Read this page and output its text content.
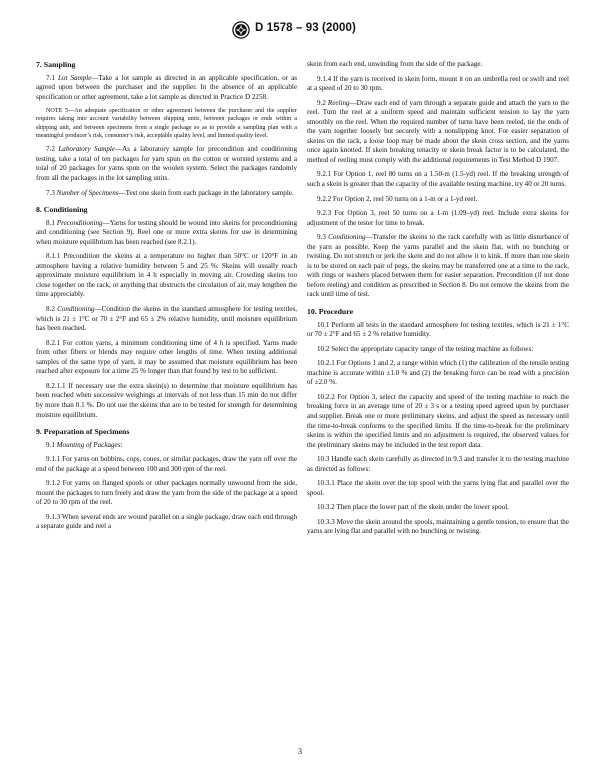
D 1578 – 93 (2000)
7. Sampling

7.1 Lot Sample—Take a lot sample as directed in an applicable specification, or as agreed upon between the purchaser and the supplier. In the absence of an applicable specification or other agreement, take a lot sample as directed in Practice D 2258.

NOTE 5—An adequate specification or other agreement between the purchaser and the supplier requires taking into account variability between shipping units, between packages or ends within a shipping unit, and between specimens from a single package so as to provide a sampling plan with a meaningful producer’s risk, consumer’s risk, acceptable quality level, and limited quality level.

7.2 Laboratory Sample—As a laboratory sample for precondition and conditioning testing, take a total of ten packages for yarn spun on the cotton or worsted systems and a total of 20 packages for yarns spun on the woolen system. Select the packages randomly from all the packages in the lot sampling units.

7.3 Number of Specimens—Test one skein from each package in the laboratory sample.

8. Conditioning

8.1 Preconditioning—Yarns for testing should be wound into skeins for preconditioning and conditioning (see Section 9). Reel one or more extra skeins for use in determining when moisture equilibrium has been reached (see 8.2.1).

8.1.1 Precondition the skeins at a temperature no higher than 50°C or 120°F in an atmosphere having a relative humidity between 5 and 25 %. Skeins will usually reach approximate moisture equilibrium in 4 h especially in moving air. Crowding skeins too close together on the rack, or anything that obstructs the circulation of air, may lengthen the time appreciably.

8.2 Conditioning—Condition the skeins in the standard atmosphere for testing textiles, which is 21 ± 1°C or 70 ± 2°F and 65 ± 2% relative humidity, until moisture equilibrium has been reached.

8.2.1 For cotton yarns, a minimum conditioning time of 4 h is specified. Yarns made from other fibers or blends may require other lengths of time. When testing additional samples of the same type of yarn, it may be assumed that moisture equilibrium has been reached after exposure for a time 25 % longer than that found by test to be sufficient.

8.2.1.1 If necessary use the extra skein(s) to determine that moisture equilibrium has been reached when successive weighings at intervals of not less than 15 min do not differ by more than 0.1 %. Do not use the skeins that are to be tested for strength for determining moisture equilibrium.

9. Preparation of Specimens

9.1 Mounting of Packages:

9.1.1 For yarns on bobbins, cops, cones, or similar packages, draw the yarn off over the end of the package at a speed between 100 and 300 rpm of the reel.

9.1.2 For yarns on flanged spools or other packages normally unwound from the side, mount the packages to turn freely and draw the yarn from the side of the package at a speed of 20 to 30 rpm of the reel.

9.1.3 When several ends are wound parallel on a single package, draw each end through a separate guide and reel a

skein from each end, unwinding from the side of the package.

9.1.4 If the yarn is received in skein form, mount it on an umbrella reel or swift and reel at a speed of 20 to 30 rpm.

9.2 Reeling—Draw each end of yarn through a separate guide and attach the yarn to the reel. Turn the reel at a uniform speed and maintain sufficient tension to lay the yarn smoothly on the reel. When the required number of turns have been reeled, tie the ends of the yarn together loosely but securely with a nonslipping knot. For easier separation of skeins on the rack, a loose loop may be made about the skein cross section, and the yarns once again knotted. If skein breaking tenacity or skein break factor is to be calculated, the method of reeling must comply with the additional requirements in Test Method D 1907.

9.2.1 For Option 1, reel 80 turns on a 1.50-m (1.5-yd) reel. If the breaking strength of such a skein is greater than the capacity of the available testing machine, try 40 or 20 turns.

9.2.2 For Option 2, reel 50 turns on a 1-m or a 1-yd reel.

9.2.3 For Option 3, reel 50 turns on a 1-m (1.09–yd) reel. Include extra skeins for adjustment of the tester for time to break.

9.3 Conditioning—Transfer the skeins to the rack carefully with as little disturbance of the yarn as possible. Keep the yarns parallel and the skein flat, with no bunching or twisting. Do not stretch or jerk the skein and do not allow it to kink. If more than one skein is to be stored on each pair of pegs, the skeins may be transferred one at a time to the rack, with rings or washers placed between them for easier separation. Precondition (if not done before reeling) and condition as prescribed in Section 8. Do not remove the skeins from the rack until time of test.

10. Procedure

10.1 Perform all tests in the standard atmosphere for testing textiles, which is 21 ± 1°C or 70 ± 2°F and 65 ± 2 % relative humidity.

10.2 Select the appropriate capacity range of the testing machine as follows:

10.2.1 For Options 1 and 2, a range within which (1) the calibration of the tensile testing machine is accurate within ±1.0 % and (2) the breaking force can be read with a precision of ±2.0 %.

10.2.2 For Option 3, select the capacity and speed of the testing machine to reach the breaking force in an average time of 20 ± 3 s or a testing speed agreed upon by purchaser and supplier. Break one or more preliminary skeins, and adjust the speed as necessary until the time-to-break conforms to the specified limits. If the time-to-break for the preliminary skeins is within the specified limits and no adjustment is required, the observed values for the preliminary skeins may be included in the test report data.

10.3 Handle each skein carefully as directed in 9.3 and transfer it to the testing machine as directed as follows:

10.3.1 Place the skein over the top spool with the yarns lying flat and parallel over the spool.

10.3.2 Then place the lower part of the skein under the lower spool.

10.3.3 Move the skein around the spools, maintaining a gentle tension, to ensure that the yarns are lying flat and parallel with no bunching or twisting.

3
